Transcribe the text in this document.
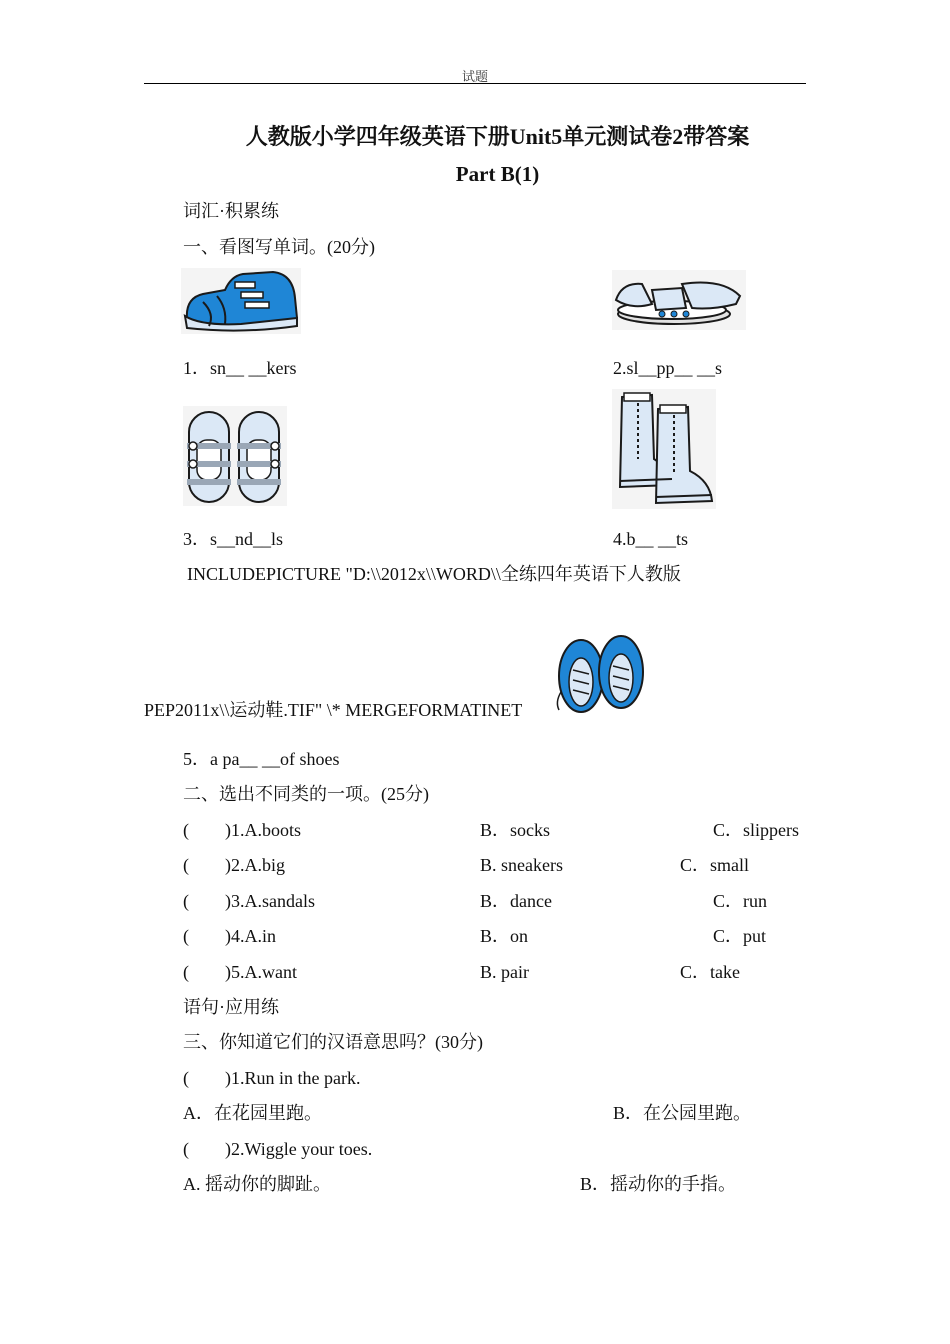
试题
人教版小学四年级英语下册Unit5单元测试卷2带答案
Part B(1)
词汇·积累练
一、看图写单词。(20分)
1．sn__ __kers	2.sl__pp__ __s
3．s__nd__ls	4.b__ __ts
INCLUDEPICTURE "D:\\2012x\\WORD\\全练四年英语下人教版
PEP2011x\\运动鞋.TIF" \* MERGEFORMATINET
5．a pa__ __of shoes
二、选出不同类的一项。(25分)
(　　)1.A.boots	B．socks	C．slippers
(　　)2.A.big	B. sneakers	C．small
(　　)3.A.sandals	B．dance	C．run
(　　)4.A.in	B．on	C．put
(　　)5.A.want	B. pair	C．take
语句·应用练
三、你知道它们的汉语意思吗？(30分)
(　　)1.Run in the park.
A．在花园里跑。	B．在公园里跑。
(　　)2.Wiggle your toes.
A. 摇动你的脚趾。	B．摇动你的手指。
